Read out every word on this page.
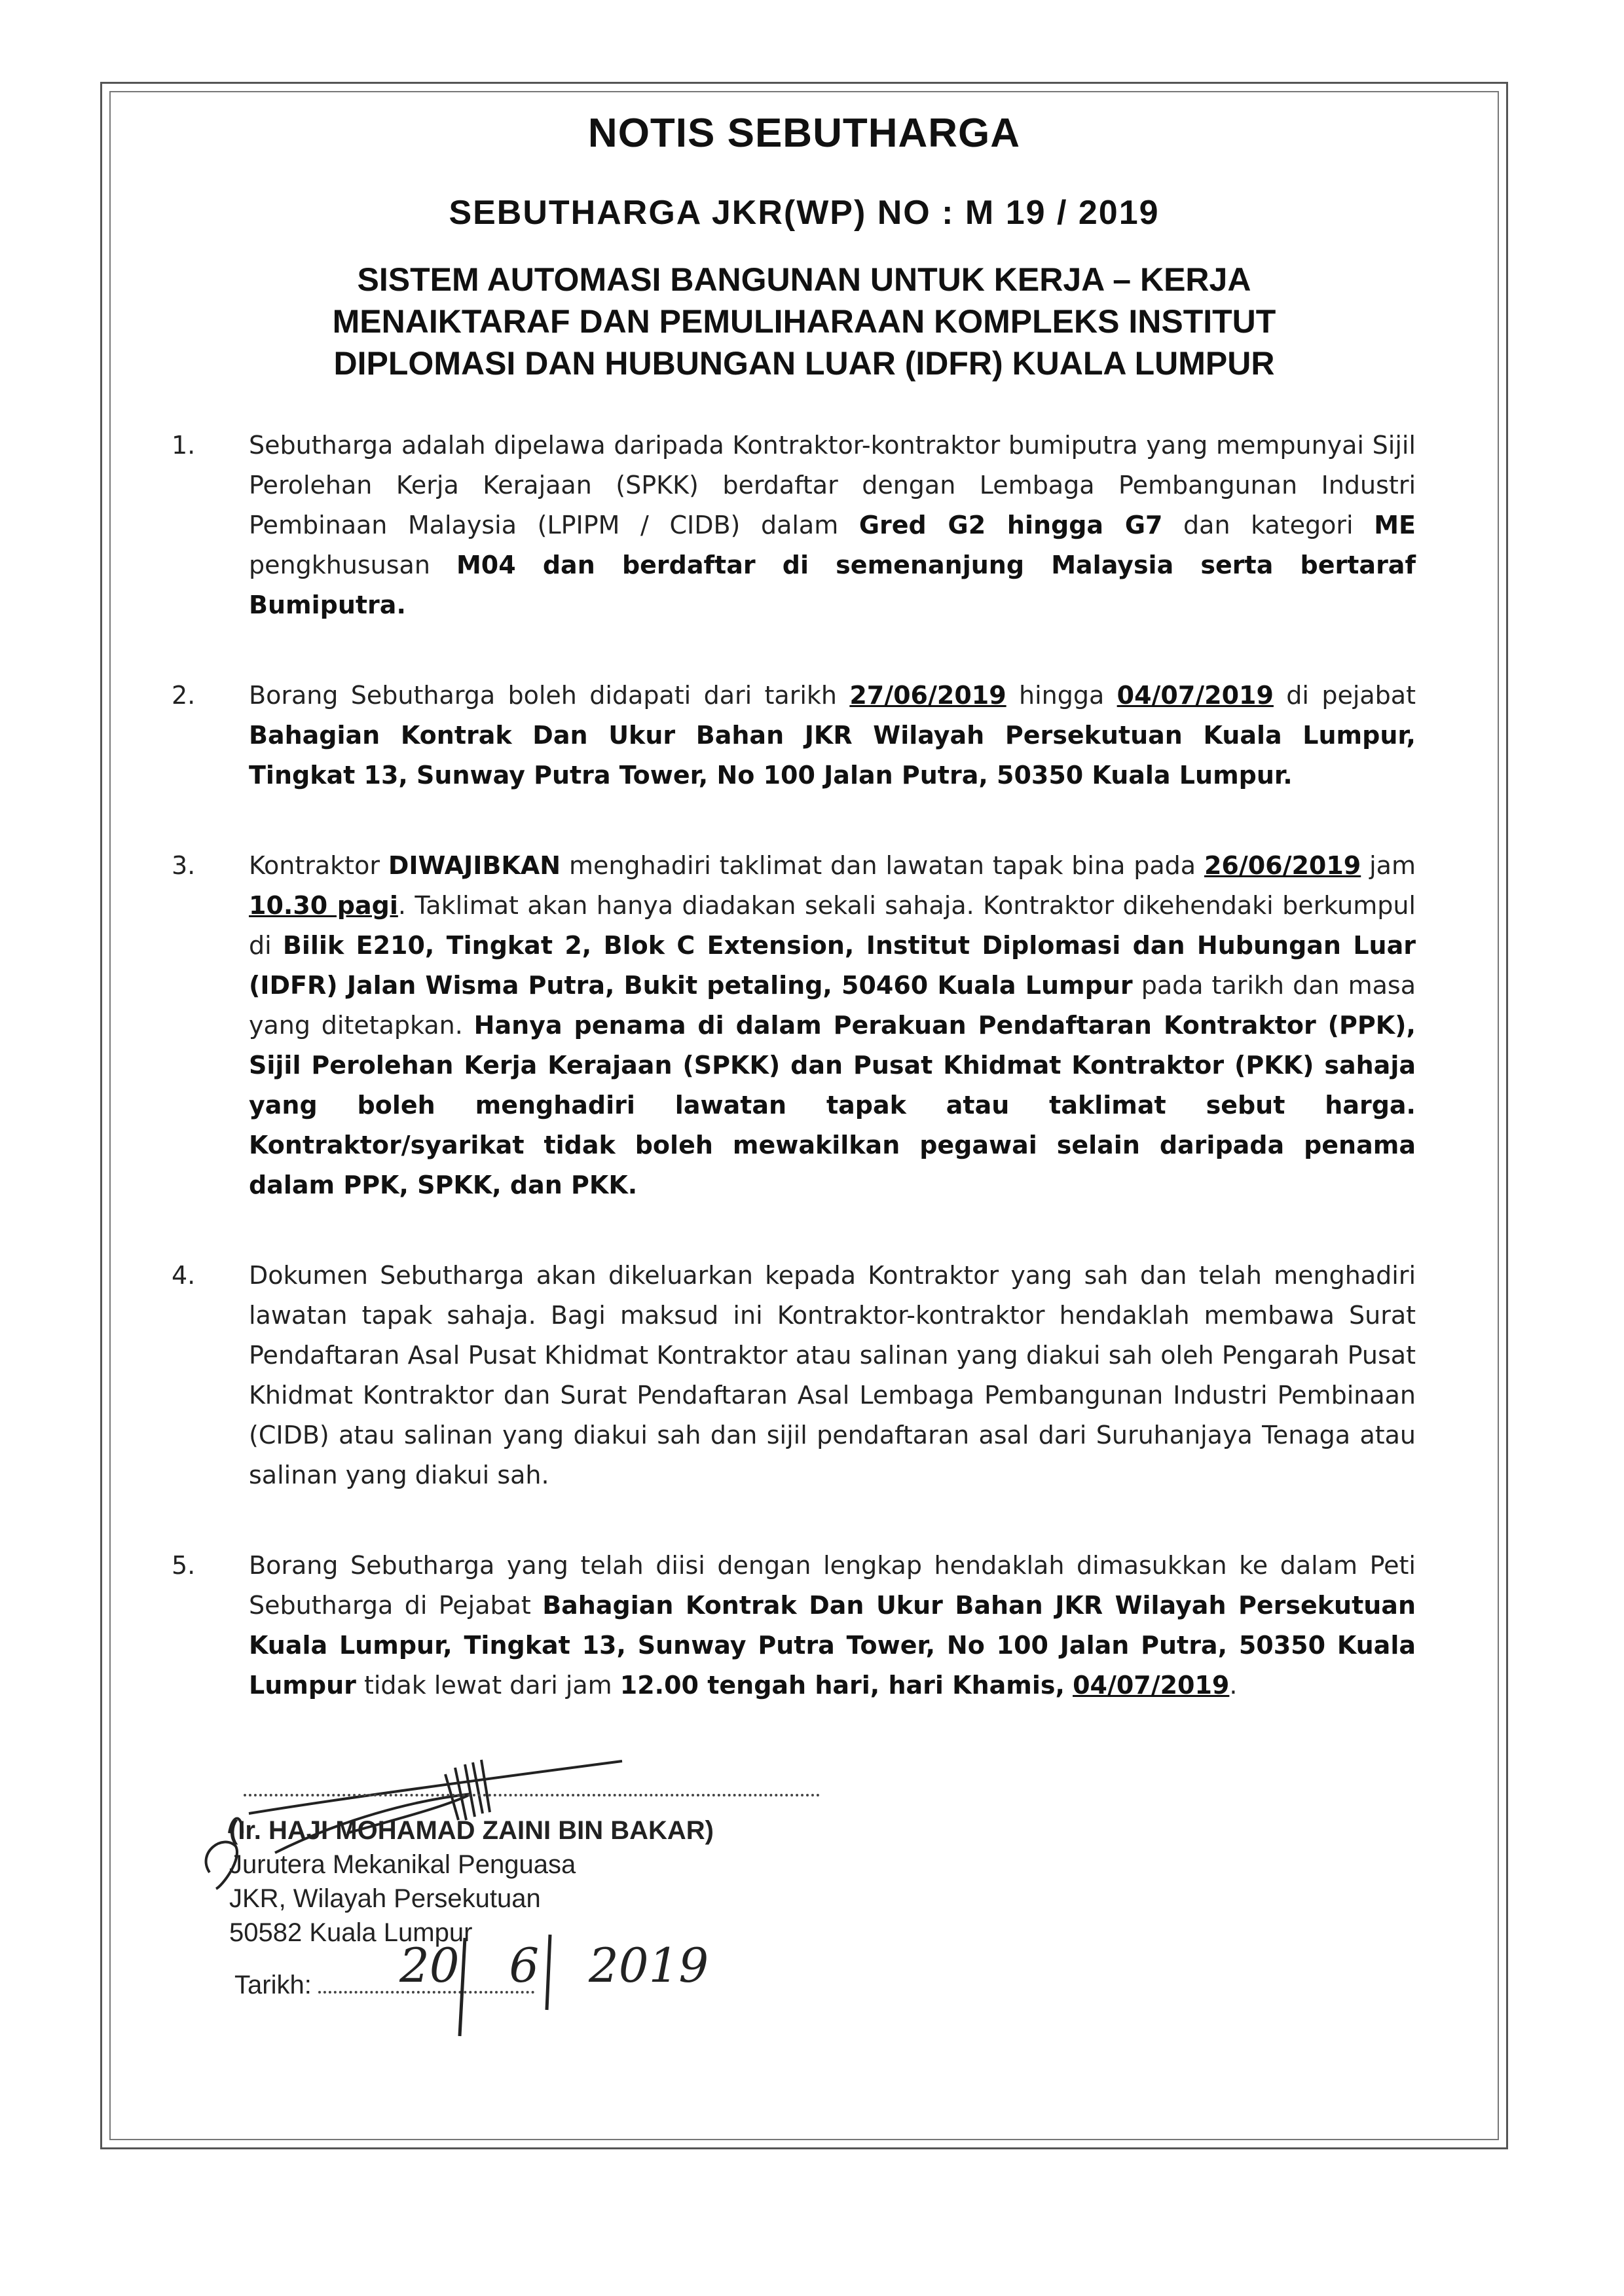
NOTIS SEBUTHARGA
SEBUTHARGA JKR(WP) NO : M 19 / 2019
SISTEM AUTOMASI BANGUNAN UNTUK KERJA – KERJA
MENAIKTARAF DAN PEMULIHARAAN KOMPLEKS INSTITUT
DIPLOMASI DAN HUBUNGAN LUAR (IDFR) KUALA LUMPUR
1.	Sebutharga adalah dipelawa daripada Kontraktor-kontraktor bumiputra yang mempunyai Sijil Perolehan Kerja Kerajaan (SPKK) berdaftar dengan Lembaga Pembangunan Industri Pembinaan Malaysia (LPIPM / CIDB) dalam Gred G2 hingga G7 dan kategori ME pengkhususan M04 dan berdaftar di semenanjung Malaysia serta bertaraf Bumiputra.
2.	Borang Sebutharga boleh didapati dari tarikh 27/06/2019 hingga 04/07/2019 di pejabat Bahagian Kontrak Dan Ukur Bahan JKR Wilayah Persekutuan Kuala Lumpur, Tingkat 13, Sunway Putra Tower, No 100 Jalan Putra, 50350 Kuala Lumpur.
3.	Kontraktor DIWAJIBKAN menghadiri taklimat dan lawatan tapak bina pada 26/06/2019 jam 10.30 pagi. Taklimat akan hanya diadakan sekali sahaja. Kontraktor dikehendaki berkumpul di Bilik E210, Tingkat 2, Blok C Extension, Institut Diplomasi dan Hubungan Luar (IDFR) Jalan Wisma Putra, Bukit petaling, 50460 Kuala Lumpur pada tarikh dan masa yang ditetapkan. Hanya penama di dalam Perakuan Pendaftaran Kontraktor (PPK), Sijil Perolehan Kerja Kerajaan (SPKK) dan Pusat Khidmat Kontraktor (PKK) sahaja yang boleh menghadiri lawatan tapak atau taklimat sebut harga. Kontraktor/syarikat tidak boleh mewakilkan pegawai selain daripada penama dalam PPK, SPKK, dan PKK.
4.	Dokumen Sebutharga akan dikeluarkan kepada Kontraktor yang sah dan telah menghadiri lawatan tapak sahaja. Bagi maksud ini Kontraktor-kontraktor hendaklah membawa Surat Pendaftaran Asal Pusat Khidmat Kontraktor atau salinan yang diakui sah oleh Pengarah Pusat Khidmat Kontraktor dan Surat Pendaftaran Asal Lembaga Pembangunan Industri Pembinaan (CIDB) atau salinan yang diakui sah dan sijil pendaftaran asal dari Suruhanjaya Tenaga atau salinan yang diakui sah.
5.	Borang Sebutharga yang telah diisi dengan lengkap hendaklah dimasukkan ke dalam Peti Sebutharga di Pejabat Bahagian Kontrak Dan Ukur Bahan JKR Wilayah Persekutuan Kuala Lumpur, Tingkat 13, Sunway Putra Tower, No 100 Jalan Putra, 50350 Kuala Lumpur tidak lewat dari jam 12.00 tengah hari, hari Khamis, 04/07/2019.
(Ir. HAJI MOHAMAD ZAINI BIN BAKAR)
Jurutera Mekanikal Penguasa
JKR, Wilayah Persekutuan
50582 Kuala Lumpur
Tarikh:	20 6 2019
